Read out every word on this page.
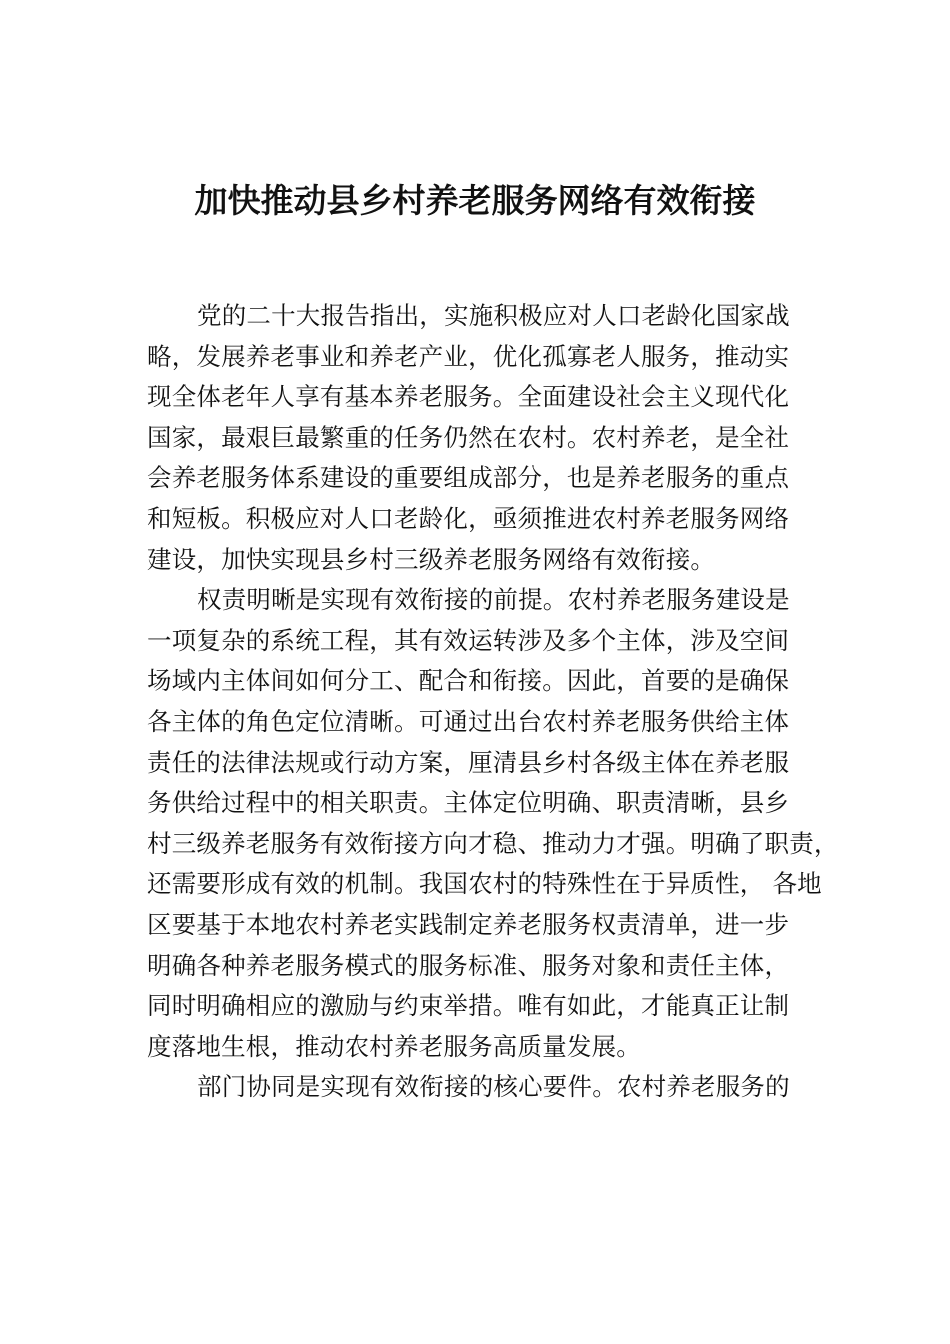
加快推动县乡村养老服务网络有效衔接
党的二十大报告指出，实施积极应对人口老龄化国家战
略，发展养老事业和养老产业，优化孤寡老人服务，推动实
现全体老年人享有基本养老服务。全面建设社会主义现代化
国家，最艰巨最繁重的任务仍然在农村。农村养老，是全社
会养老服务体系建设的重要组成部分，也是养老服务的重点
和短板。积极应对人口老龄化，亟须推进农村养老服务网络
建设，加快实现县乡村三级养老服务网络有效衔接。
权责明晰是实现有效衔接的前提。农村养老服务建设是
一项复杂的系统工程，其有效运转涉及多个主体，涉及空间
场域内主体间如何分工、配合和衔接。因此，首要的是确保
各主体的角色定位清晰。可通过出台农村养老服务供给主体
责任的法律法规或行动方案，厘清县乡村各级主体在养老服
务供给过程中的相关职责。主体定位明确、职责清晰，县乡
村三级养老服务有效衔接方向才稳、推动力才强。明确了职责，
还需要形成有效的机制。我国农村的特殊性在于异质性， 各地
区要基于本地农村养老实践制定养老服务权责清单，进一步
明确各种养老服务模式的服务标准、服务对象和责任主体，
同时明确相应的激励与约束举措。唯有如此，才能真正让制
度落地生根，推动农村养老服务高质量发展。
部门协同是实现有效衔接的核心要件。农村养老服务的
